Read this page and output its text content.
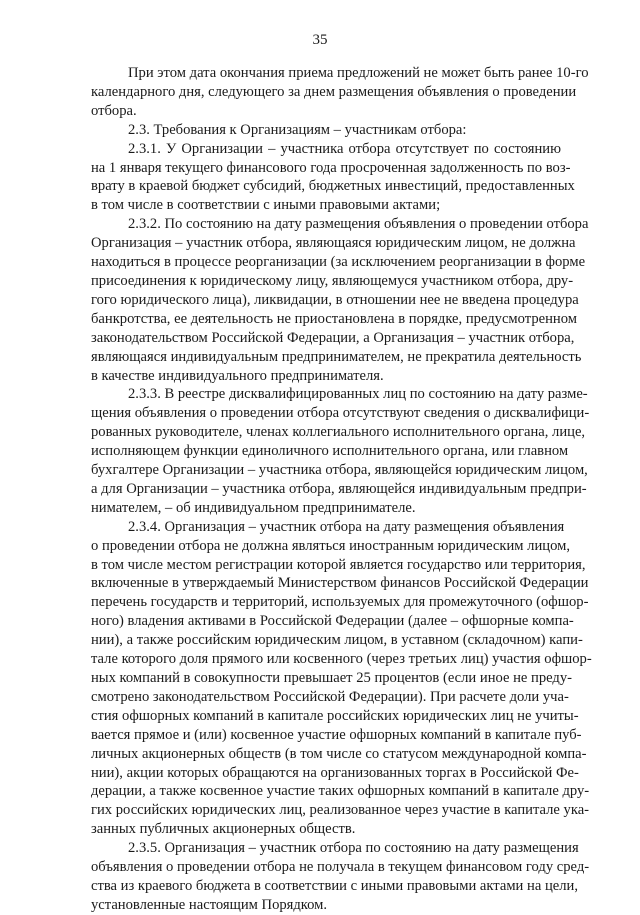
35
При этом дата окончания приема предложений не может быть ранее 10-го
календарного дня, следующего за днем размещения объявления о проведении
отбора.
2.3. Требования к Организациям – участникам отбора:
2.3.1. У Организации – участника отбора отсутствует по состоянию
на 1 января текущего финансового года просроченная задолженность по воз-
врату в краевой бюджет субсидий, бюджетных инвестиций, предоставленных
в том числе в соответствии с иными правовыми актами;
2.3.2. По состоянию на дату размещения объявления о проведении отбора
Организация – участник отбора, являющаяся юридическим лицом, не должна
находиться в процессе реорганизации (за исключением реорганизации в форме
присоединения к юридическому лицу, являющемуся участником отбора, дру-
гого юридического лица), ликвидации, в отношении нее не введена процедура
банкротства, ее деятельность не приостановлена в порядке, предусмотренном
законодательством Российской Федерации, а Организация – участник отбора,
являющаяся индивидуальным предпринимателем, не прекратила деятельность
в качестве индивидуального предпринимателя.
2.3.3. В реестре дисквалифицированных лиц по состоянию на дату разме-
щения объявления о проведении отбора отсутствуют сведения о дисквалифици-
рованных руководителе, членах коллегиального исполнительного органа, лице,
исполняющем функции единоличного исполнительного органа, или главном
бухгалтере Организации – участника отбора, являющейся юридическим лицом,
а для Организации – участника отбора, являющейся индивидуальным предпри-
нимателем, – об индивидуальном предпринимателе.
2.3.4. Организация – участник отбора на дату размещения объявления
о проведении отбора не должна являться иностранным юридическим лицом,
в том числе местом регистрации которой является государство или территория,
включенные в утверждаемый Министерством финансов Российской Федерации
перечень государств и территорий, используемых для промежуточного (офшор-
ного) владения активами в Российской Федерации (далее – офшорные компа-
нии), а также российским юридическим лицом, в уставном (складочном) капи-
тале которого доля прямого или косвенного (через третьих лиц) участия офшор-
ных компаний в совокупности превышает 25 процентов (если иное не преду-
смотрено законодательством Российской Федерации). При расчете доли уча-
стия офшорных компаний в капитале российских юридических лиц не учиты-
вается прямое и (или) косвенное участие офшорных компаний в капитале пуб-
личных акционерных обществ (в том числе со статусом международной компа-
нии), акции которых обращаются на организованных торгах в Российской Фе-
дерации, а также косвенное участие таких офшорных компаний в капитале дру-
гих российских юридических лиц, реализованное через участие в капитале ука-
занных публичных акционерных обществ.
2.3.5. Организация – участник отбора по состоянию на дату размещения
объявления о проведении отбора не получала в текущем финансовом году сред-
ства из краевого бюджета в соответствии с иными правовыми актами на цели,
установленные настоящим Порядком.
